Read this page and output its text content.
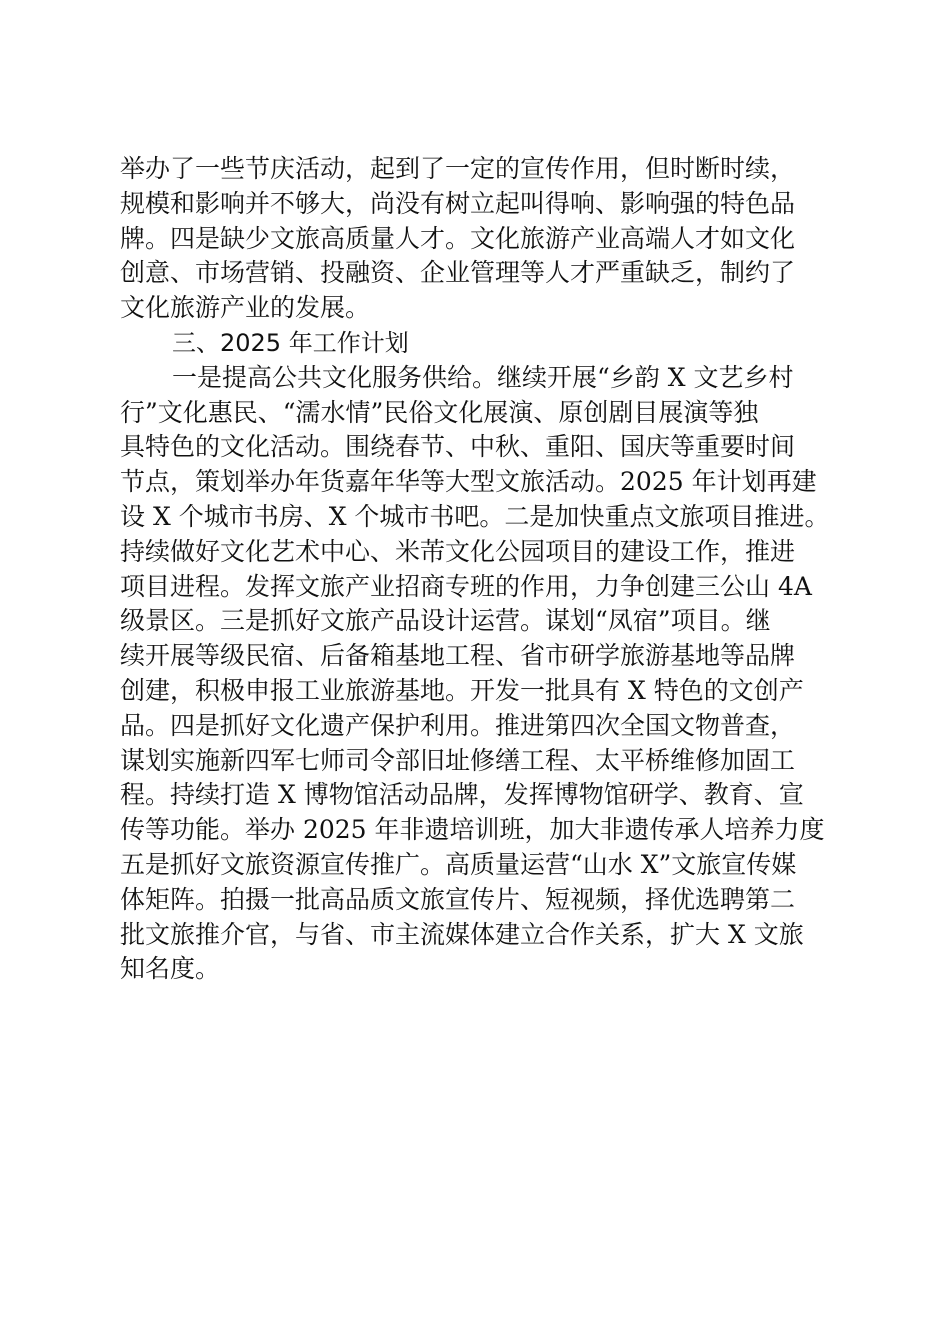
举办了一些节庆活动，起到了一定的宣传作用，但时断时续，
规模和影响并不够大，尚没有树立起叫得响、影响强的特色品
牌。四是缺少文旅高质量人才。文化旅游产业高端人才如文化
创意、市场营销、投融资、企业管理等人才严重缺乏，制约了
文化旅游产业的发展。
三、2025 年工作计划
一是提高公共文化服务供给。继续开展“乡韵 X 文艺乡村
行”文化惠民、“濡水情”民俗文化展演、原创剧目展演等独
具特色的文化活动。围绕春节、中秋、重阳、国庆等重要时间
节点，策划举办年货嘉年华等大型文旅活动。2025 年计划再建
设 X 个城市书房、X 个城市书吧。二是加快重点文旅项目推进。
持续做好文化艺术中心、米芾文化公园项目的建设工作，推进
项目进程。发挥文旅产业招商专班的作用，力争创建三公山 4A
级景区。三是抓好文旅产品设计运营。谋划“凤宿”项目。继
续开展等级民宿、后备箱基地工程、省市研学旅游基地等品牌
创建，积极申报工业旅游基地。开发一批具有 X 特色的文创产
品。四是抓好文化遗产保护利用。推进第四次全国文物普查，
谋划实施新四军七师司令部旧址修缮工程、太平桥维修加固工
程。持续打造 X 博物馆活动品牌，发挥博物馆研学、教育、宣
传等功能。举办 2025 年非遗培训班，加大非遗传承人培养力度
五是抓好文旅资源宣传推广。高质量运营“山水 X”文旅宣传媒
体矩阵。拍摄一批高品质文旅宣传片、短视频，择优选聘第二
批文旅推介官，与省、市主流媒体建立合作关系，扩大 X 文旅
知名度。
